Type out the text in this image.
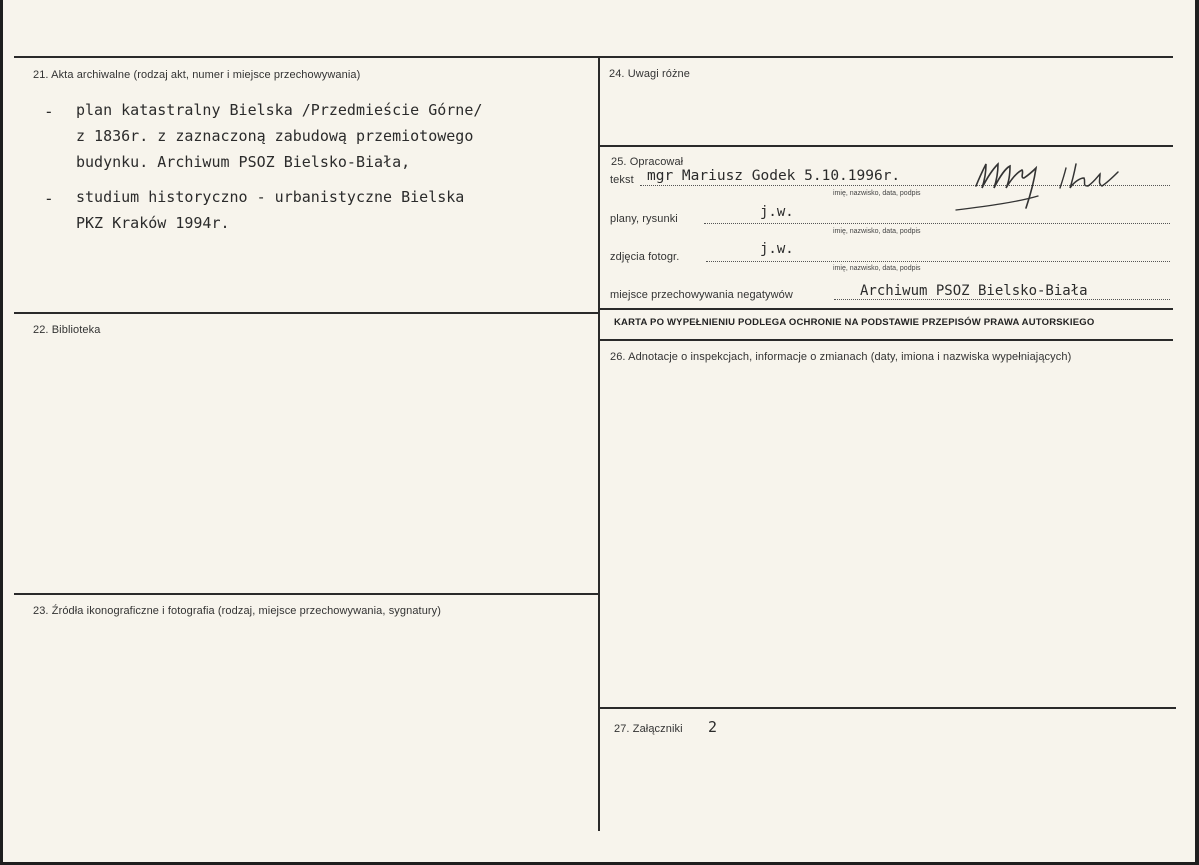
21. Akta archiwalne (rodzaj akt, numer i miejsce przechowywania)
- plan katastralny Bielska /Przedmieście Górne/
z 1836r. z zaznaczoną zabudową przemiotowego
budynku. Archiwum PSOZ Bielsko-Biała,
- studium historyczno - urbanistyczne Bielska
PKZ Kraków 1994r.
22. Biblioteka
23. Źródła ikonograficzne i fotografia (rodzaj, miejsce przechowywania, sygnatury)
24. Uwagi różne
25. Opracował
tekst mgr Mariusz Godek 5.10.1996r.
imię, nazwisko, data, podpis
plany, rysunki	j.w.
imię, nazwisko, data, podpis
zdjęcia fotogr.	j.w.
imię, nazwisko, data, podpis
miejsce przechowywania negatywów	Archiwum PSOZ Bielsko-Biała
KARTA PO WYPEŁNIENIU PODLEGA OCHRONIE NA PODSTAWIE PRZEPISÓW PRAWA AUTORSKIEGO
26. Adnotacje o inspekcjach, informacje o zmianach (daty, imiona i nazwiska wypełniających)
27. Załączniki 2
